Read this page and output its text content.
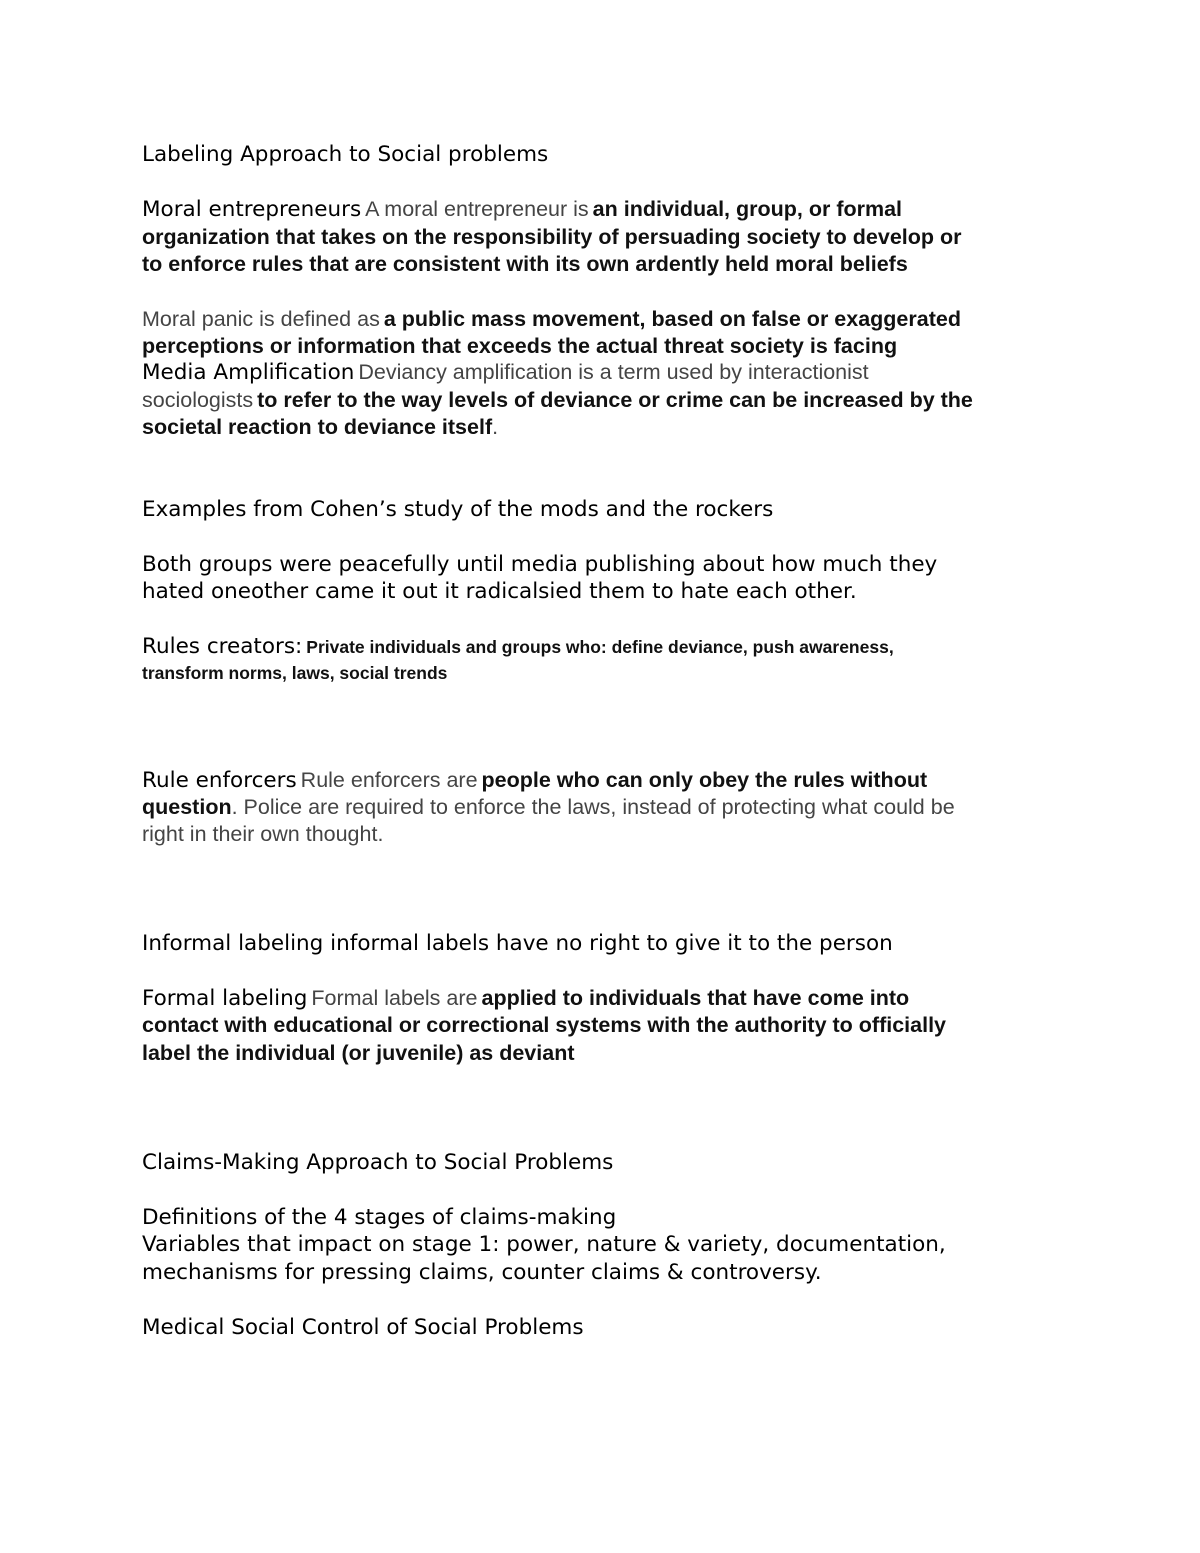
Labeling Approach to Social problems
Moral entrepreneurs A moral entrepreneur is an individual, group, or formal
organization that takes on the responsibility of persuading society to develop or
to enforce rules that are consistent with its own ardently held moral beliefs
Moral panic is defined as a public mass movement, based on false or exaggerated
perceptions or information that exceeds the actual threat society is facing
Media Amplification Deviancy amplification is a term used by interactionist
sociologists to refer to the way levels of deviance or crime can be increased by the
societal reaction to deviance itself.
Examples from Cohen’s study of the mods and the rockers
Both groups were peacefully until media publishing about how much they
hated oneother came it out it radicalsied them to hate each other.
Rules creators: Private individuals and groups who: define deviance, push awareness,
transform norms, laws, social trends
Rule enforcers Rule enforcers are people who can only obey the rules without
question. Police are required to enforce the laws, instead of protecting what could be
right in their own thought.
Informal labeling informal labels have no right to give it to the person
Formal labeling Formal labels are applied to individuals that have come into
contact with educational or correctional systems with the authority to officially
label the individual (or juvenile) as deviant
Claims-Making Approach to Social Problems
Definitions of the 4 stages of claims-making
Variables that impact on stage 1: power, nature & variety, documentation,
mechanisms for pressing claims, counter claims & controversy.
Medical Social Control of Social Problems
